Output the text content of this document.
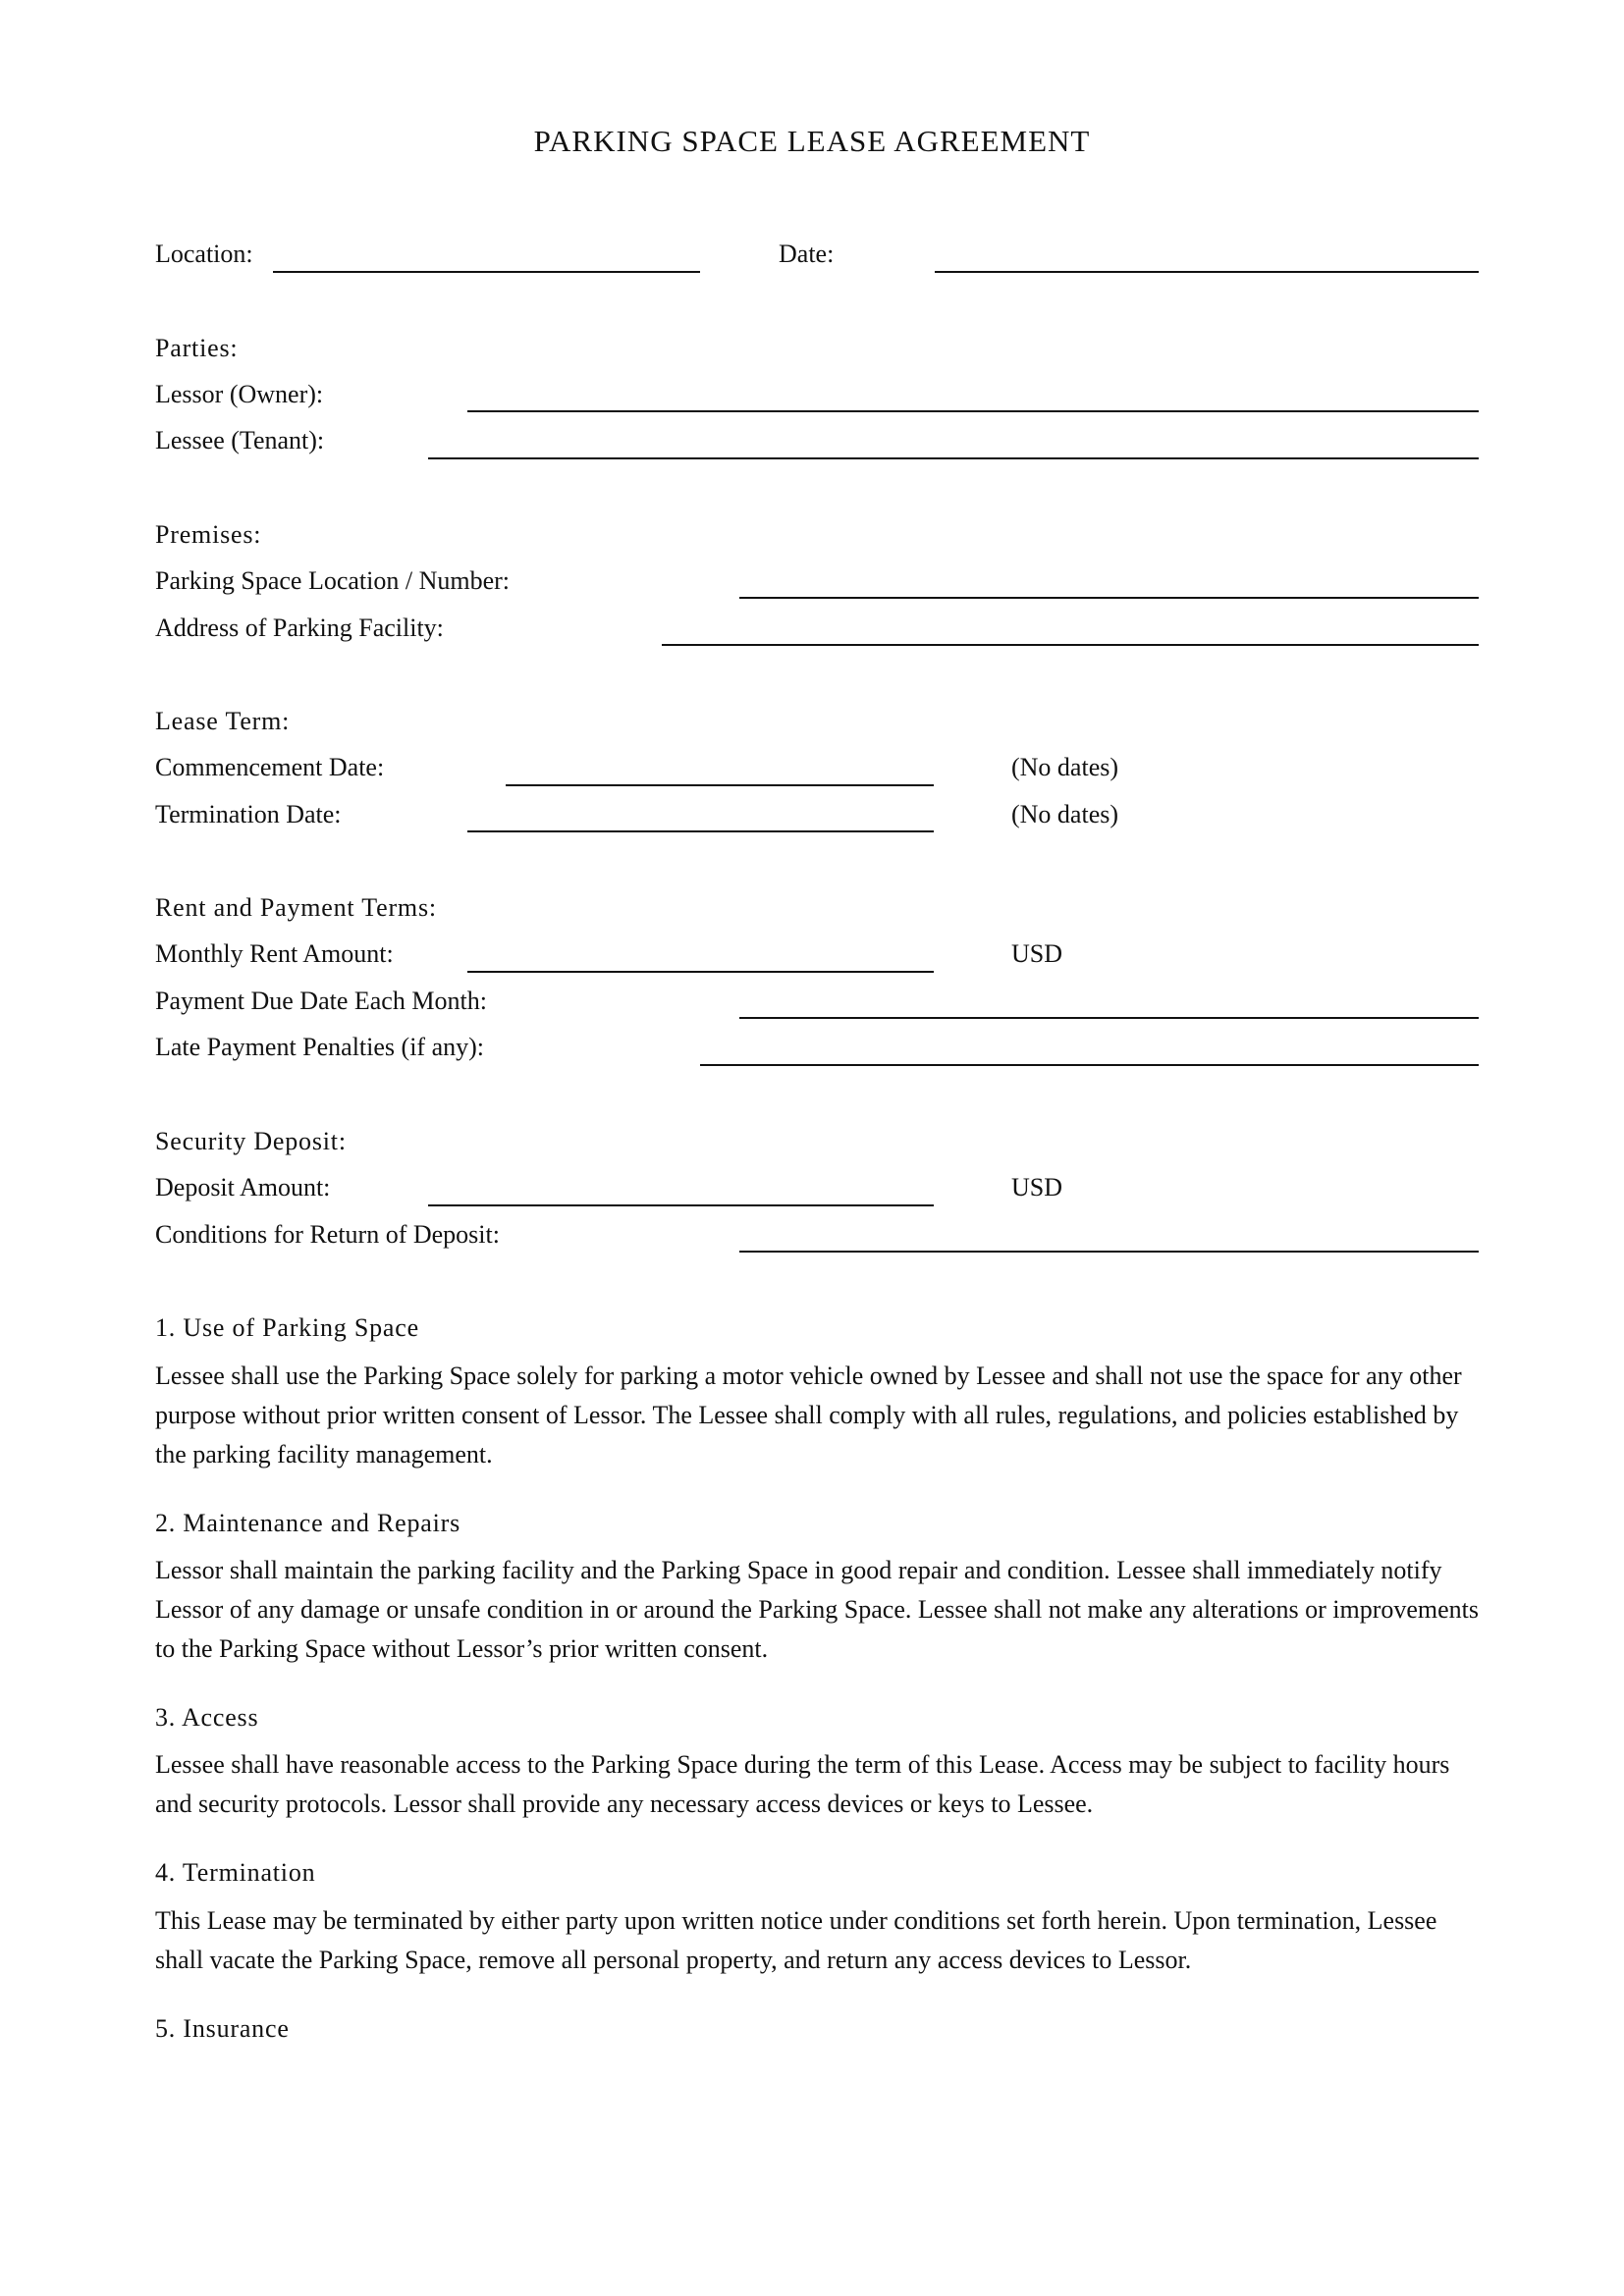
PARKING SPACE LEASE AGREEMENT
Location:	Date:
Parties:
Lessor (Owner):
Lessee (Tenant):
Premises:
Parking Space Location / Number:
Address of Parking Facility:
Lease Term:
Commencement Date:	(No dates)
Termination Date:	(No dates)
Rent and Payment Terms:
Monthly Rent Amount:	USD
Payment Due Date Each Month:
Late Payment Penalties (if any):
Security Deposit:
Deposit Amount:	USD
Conditions for Return of Deposit:
1. Use of Parking Space
Lessee shall use the Parking Space solely for parking a motor vehicle owned by Lessee and shall not use the space for any other purpose without prior written consent of Lessor. The Lessee shall comply with all rules, regulations, and policies established by the parking facility management.
2. Maintenance and Repairs
Lessor shall maintain the parking facility and the Parking Space in good repair and condition. Lessee shall immediately notify Lessor of any damage or unsafe condition in or around the Parking Space. Lessee shall not make any alterations or improvements to the Parking Space without Lessor’s prior written consent.
3. Access
Lessee shall have reasonable access to the Parking Space during the term of this Lease. Access may be subject to facility hours and security protocols. Lessor shall provide any necessary access devices or keys to Lessee.
4. Termination
This Lease may be terminated by either party upon written notice under conditions set forth herein. Upon termination, Lessee shall vacate the Parking Space, remove all personal property, and return any access devices to Lessor.
5. Insurance
